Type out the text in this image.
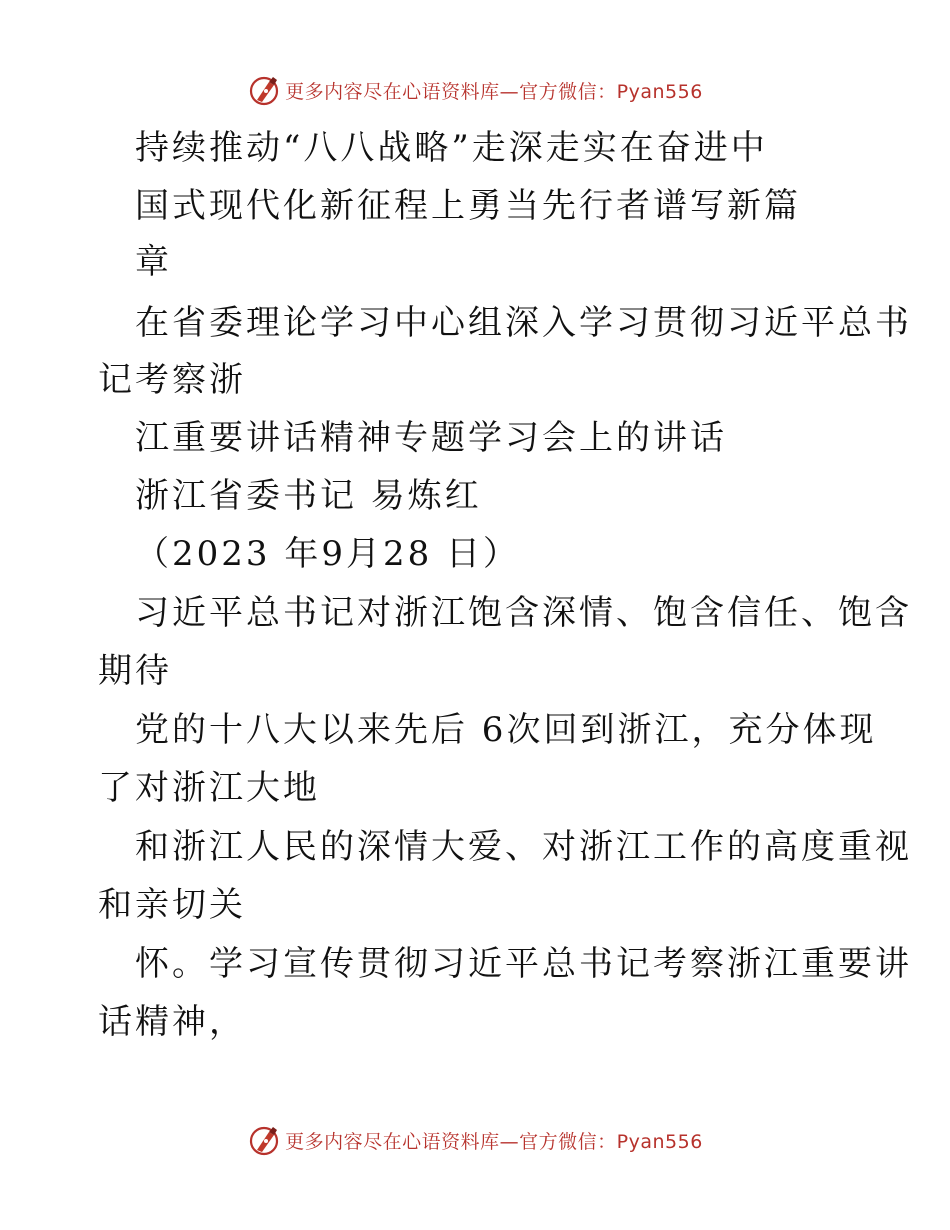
更多内容尽在心语资料库—官方微信：Pyan556
持续推动“八八战略”走深走实在奋进中
国式现代化新征程上勇当先行者谱写新篇
章
在省委理论学习中心组深入学习贯彻习近平总书
记考察浙
江重要讲话精神专题学习会上的讲话
浙江省委书记 易炼红
（2023 年9月28 日）
习近平总书记对浙江饱含深情、饱含信任、饱含
期待
党的十八大以来先后 6次回到浙江，充分体现
了对浙江大地
和浙江人民的深情大爱、对浙江工作的高度重视
和亲切关
怀。学习宣传贯彻习近平总书记考察浙江重要讲
话精神，
更多内容尽在心语资料库—官方微信：Pyan556
